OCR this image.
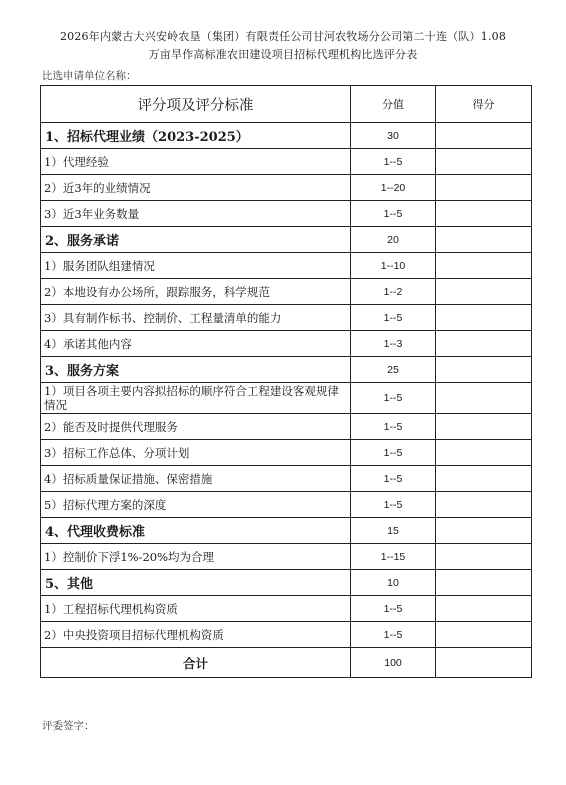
2026年内蒙古大兴安岭农垦（集团）有限责任公司甘河农牧场分公司第二十连（队）1.08
万亩旱作高标准农田建设项目招标代理机构比选评分表
比选申请单位名称：
评分项及评分标准	分值	得分
1、招标代理业绩（2023-2025）	30	
1）代理经验	1--5	
2）近3年的业绩情况	1--20	
3）近3年业务数量	1--5	
2、服务承诺	20	
1）服务团队组建情况	1--10	
2）本地设有办公场所，跟踪服务，科学规范	1--2	
3）具有制作标书、控制价、工程量清单的能力	1--5	
4）承诺其他内容	1--3	
3、服务方案	25	
1）项目各项主要内容拟招标的顺序符合工程建设客观规律情况	1--5	
2）能否及时提供代理服务	1--5	
3）招标工作总体、分项计划	1--5	
4）招标质量保证措施、保密措施	1--5	
5）招标代理方案的深度	1--5	
4、代理收费标准	15	
1）控制价下浮1%-20%均为合理	1--15	
5、其他	10	
1）工程招标代理机构资质	1--5	
2）中央投资项目招标代理机构资质	1--5	
合计	100	
评委签字：
